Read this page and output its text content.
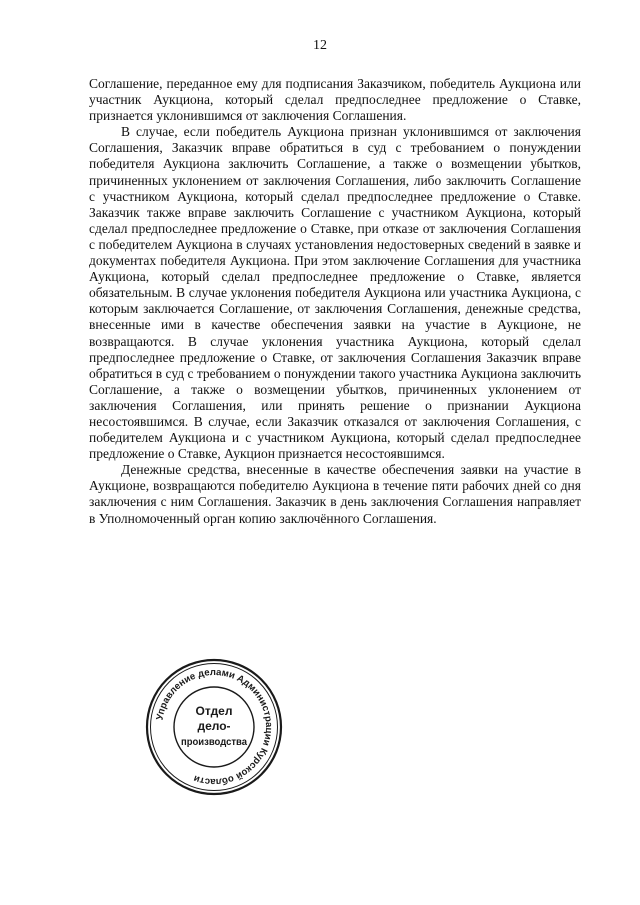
12

Соглашение, переданное ему для подписания Заказчиком, победитель Аукциона или участник Аукциона, который сделал предпоследнее предложение о Ставке, признается уклонившимся от заключения Соглашения.

В случае, если победитель Аукциона признан уклонившимся от заключения Соглашения, Заказчик вправе обратиться в суд с требованием о понуждении победителя Аукциона заключить Соглашение, а также о возмещении убытков, причиненных уклонением от заключения Соглашения, либо заключить Соглашение с участником Аукциона, который сделал предпоследнее предложение о Ставке. Заказчик также вправе заключить Соглашение с участником Аукциона, который сделал предпоследнее предложение о Ставке, при отказе от заключения Соглашения с победителем Аукциона в случаях установления недостоверных сведений в заявке и документах победителя Аукциона. При этом заключение Соглашения для участника Аукциона, который сделал предпоследнее предложение о Ставке, является обязательным. В случае уклонения победителя Аукциона или участника Аукциона, с которым заключается Соглашение, от заключения Соглашения, денежные средства, внесенные ими в качестве обеспечения заявки на участие в Аукционе, не возвращаются. В случае уклонения участника Аукциона, который сделал предпоследнее предложение о Ставке, от заключения Соглашения Заказчик вправе обратиться в суд с требованием о понуждении такого участника Аукциона заключить Соглашение, а также о возмещении убытков, причиненных уклонением от заключения Соглашения, или принять решение о признании Аукциона несостоявшимся. В случае, если Заказчик отказался от заключения Соглашения, с победителем Аукциона и с участником Аукциона, который сделал предпоследнее предложение о Ставке, Аукцион признается несостоявшимся.

Денежные средства, внесенные в качестве обеспечения заявки на участие в Аукционе, возвращаются победителю Аукциона в течение пяти рабочих дней со дня заключения с ним Соглашения. Заказчик в день заключения Соглашения направляет в Уполномоченный орган копию заключённого Соглашения.

Управление делами Администрации Курской области
Отдел
дело-
производства
